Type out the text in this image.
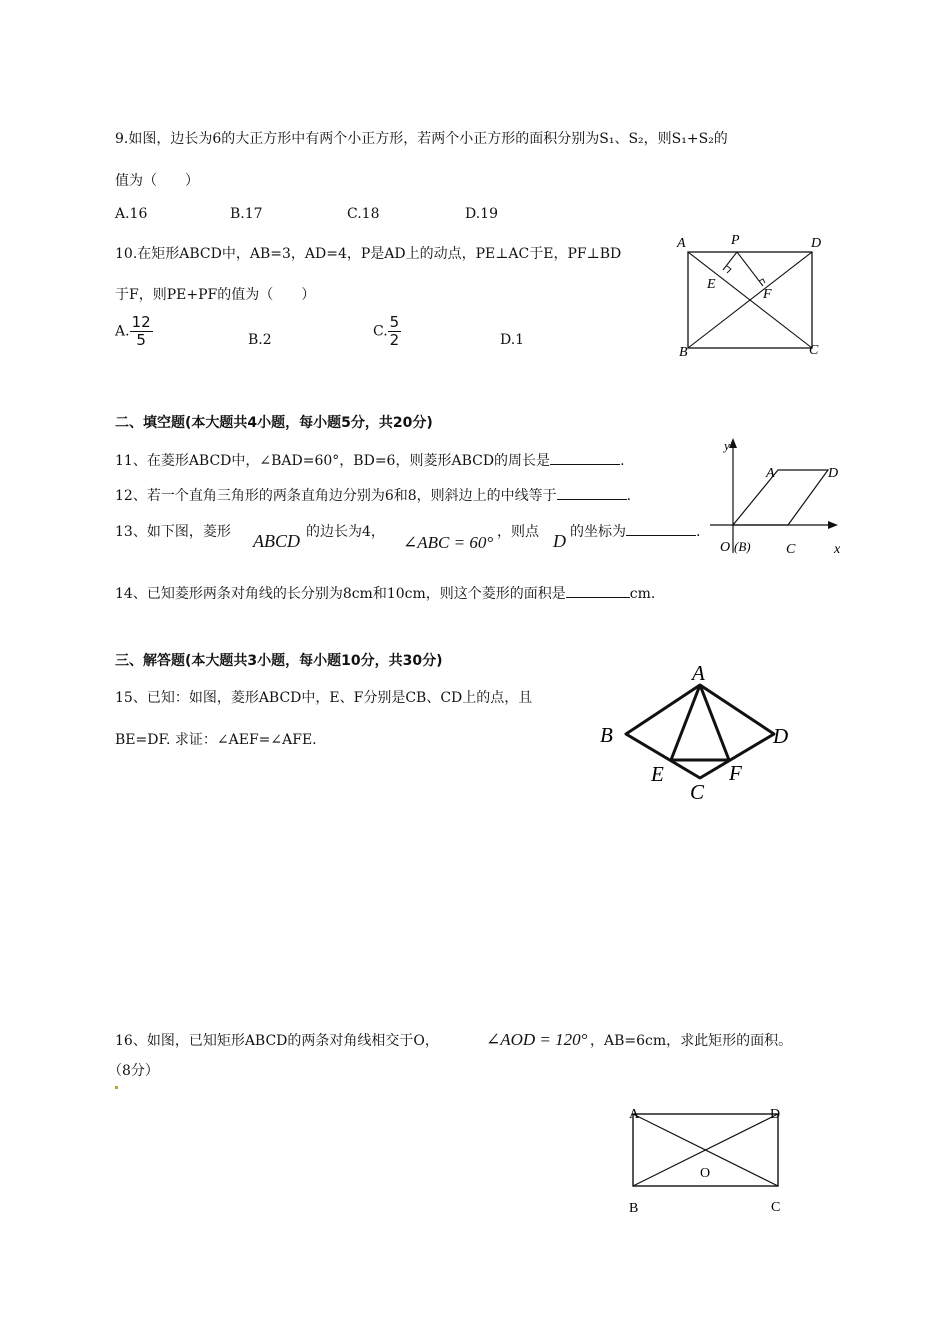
9.如图，边长为6的大正方形中有两个小正方形，若两个小正方形的面积分别为S₁、S₂，则S₁+S₂的
值为（　　）
A.16	B.17	C.18	D.19
10.在矩形ABCD中，AB=3，AD=4，P是AD上的动点，PE⊥AC于E，PF⊥BD
于F，则PE+PF的值为（　　）
A. $\frac{12}{5}$	B.2
C. $\frac{5}{2}$	D.1
A	P	D
E
F
B	C
二、填空题(本大题共4小题，每小题5分，共20分)
11、在菱形ABCD中，∠BAD=60°，BD=6，则菱形ABCD的周长是	.
12、若一个直角三角形的两条直角边分别为6和8，则斜边上的中线等于	.
13、如下图，菱形 ABCD 的边长为4，
∠ABC = 60°
，则点 D 的坐标为	.
y
A	D
O (B)	C	x
14、已知菱形两条对角线的长分别为8cm和10cm，则这个菱形的面积是	cm.
三、解答题(本大题共3小题，每小题10分，共30分)
15、已知：如图，菱形ABCD中，E、F分别是CB、CD上的点，且
BE=DF. 求证：∠AEF=∠AFE.
A
B	D
E	F
C
16、如图，已知矩形ABCD的两条对角线相交于O，	∠AOD = 120° ，AB=6cm，求此矩形的面积。
（8分）
A	D
O
B	C
